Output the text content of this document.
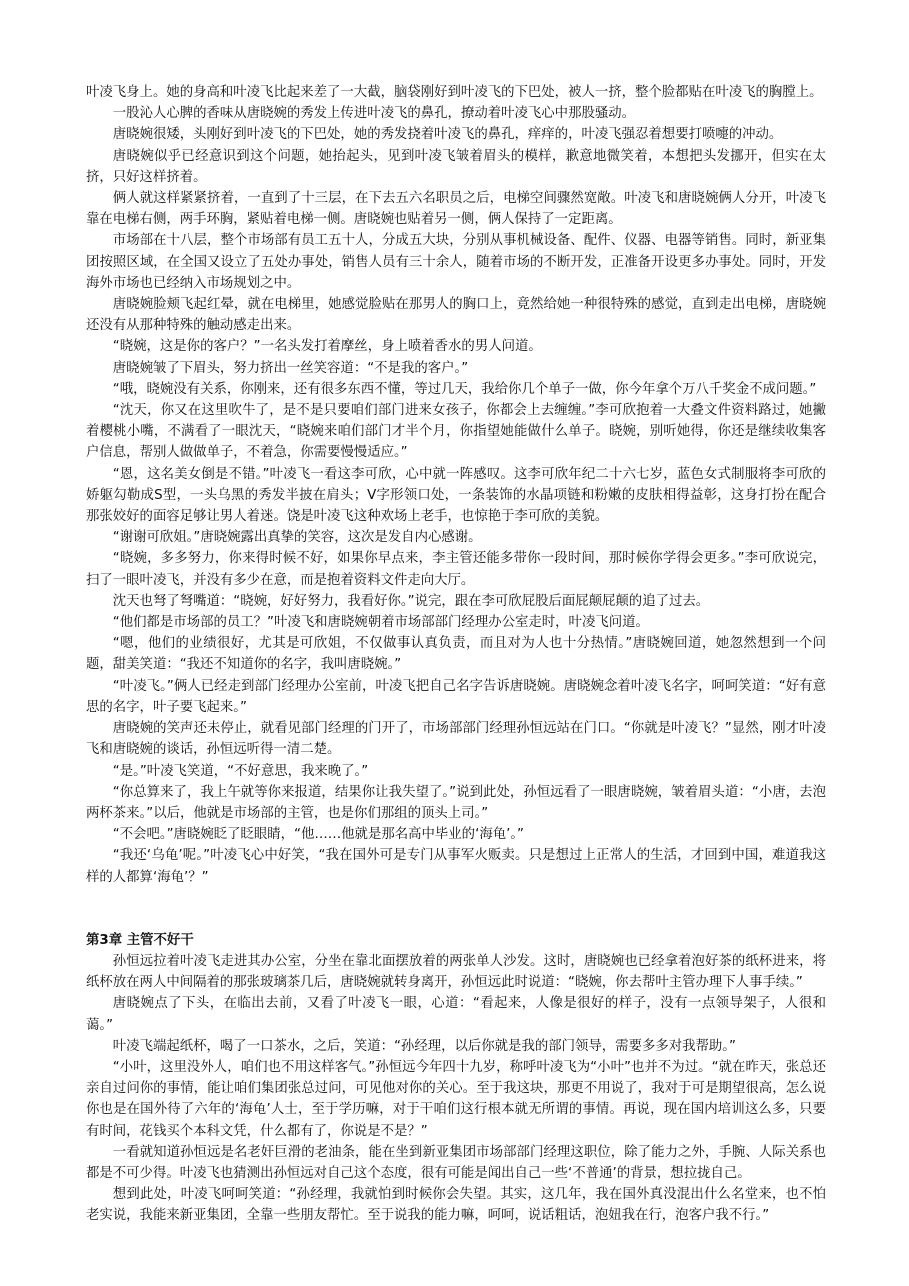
叶凌飞身上。她的身高和叶凌飞比起来差了一大截，脑袋刚好到叶凌飞的下巴处，被人一挤，整个脸都贴在叶凌飞的胸膛上。

一股沁人心脾的香味从唐晓婉的秀发上传进叶凌飞的鼻孔，撩动着叶凌飞心中那股骚动。

唐晓婉很矮，头刚好到叶凌飞的下巴处，她的秀发挠着叶凌飞的鼻孔，痒痒的，叶凌飞强忍着想要打喷嚏的冲动。

唐晓婉似乎已经意识到这个问题，她抬起头，见到叶凌飞皱着眉头的模样，歉意地微笑着，本想把头发挪开，但实在太挤，只好这样挤着。

俩人就这样紧紧挤着，一直到了十三层，在下去五六名职员之后，电梯空间骤然宽敞。叶凌飞和唐晓婉俩人分开，叶凌飞靠在电梯右侧，两手环胸，紧贴着电梯一侧。唐晓婉也贴着另一侧，俩人保持了一定距离。

市场部在十八层，整个市场部有员工五十人，分成五大块，分别从事机械设备、配件、仪器、电器等销售。同时，新亚集团按照区域，在全国又设立了五处办事处，销售人员有三十余人，随着市场的不断开发，正准备开设更多办事处。同时，开发海外市场也已经纳入市场规划之中。

唐晓婉脸颊飞起红晕，就在电梯里，她感觉脸贴在那男人的胸口上，竟然给她一种很特殊的感觉，直到走出电梯，唐晓婉还没有从那种特殊的触动感走出来。

“晓婉，这是你的客户？”一名头发打着摩丝，身上喷着香水的男人问道。

唐晓婉皱了下眉头，努力挤出一丝笑容道：“不是我的客户。”

“哦，晓婉没有关系，你刚来，还有很多东西不懂，等过几天，我给你几个单子一做，你今年拿个万八千奖金不成问题。”

“沈天，你又在这里吹牛了，是不是只要咱们部门进来女孩子，你都会上去缠缠。”李可欣抱着一大叠文件资料路过，她撇着樱桃小嘴，不满看了一眼沈天，“晓婉来咱们部门才半个月，你指望她能做什么单子。晓婉，别听她得，你还是继续收集客户信息，帮别人做做单子，不着急，你需要慢慢适应。”

“恩，这名美女倒是不错。”叶凌飞一看这李可欣，心中就一阵感叹。这李可欣年纪二十六七岁，蓝色女式制服将李可欣的娇躯勾勒成S型，一头乌黑的秀发半披在肩头；V字形领口处，一条装饰的水晶项链和粉嫩的皮肤相得益彰，这身打扮在配合那张姣好的面容足够让男人着迷。饶是叶凌飞这种欢场上老手，也惊艳于李可欣的美貌。

“谢谢可欣姐。”唐晓婉露出真挚的笑容，这次是发自内心感谢。

“晓婉，多多努力，你来得时候不好，如果你早点来，李主管还能多带你一段时间，那时候你学得会更多。”李可欣说完，扫了一眼叶凌飞，并没有多少在意，而是抱着资料文件走向大厅。

沈天也弩了弩嘴道：“晓婉，好好努力，我看好你。”说完，跟在李可欣屁股后面屁颠屁颠的追了过去。

“他们都是市场部的员工？”叶凌飞和唐晓婉朝着市场部部门经理办公室走时，叶凌飞问道。

“嗯，他们的业绩很好，尤其是可欣姐，不仅做事认真负责，而且对为人也十分热情。”唐晓婉回道，她忽然想到一个问题，甜美笑道：“我还不知道你的名字，我叫唐晓婉。”

“叶凌飞。”俩人已经走到部门经理办公室前，叶凌飞把自己名字告诉唐晓婉。唐晓婉念着叶凌飞名字，呵呵笑道：“好有意思的名字，叶子要飞起来。”

唐晓婉的笑声还未停止，就看见部门经理的门开了，市场部部门经理孙恒远站在门口。“你就是叶凌飞？”显然，刚才叶凌飞和唐晓婉的谈话，孙恒远听得一清二楚。

“是。”叶凌飞笑道，“不好意思，我来晚了。”

“你总算来了，我上午就等你来报道，结果你让我失望了。”说到此处，孙恒远看了一眼唐晓婉，皱着眉头道：“小唐，去泡两杯茶来。”以后，他就是市场部的主管，也是你们那组的顶头上司。”

“不会吧。”唐晓婉眨了眨眼睛，“他……他就是那名高中毕业的‘海龟’。”

“我还‘乌龟’呢。”叶凌飞心中好笑，“我在国外可是专门从事军火贩卖。只是想过上正常人的生活，才回到中国，难道我这样的人都算‘海龟’？”

第3章 主管不好干

孙恒远拉着叶凌飞走进其办公室，分坐在靠北面摆放着的两张单人沙发。这时，唐晓婉也已经拿着泡好茶的纸杯进来，将纸杯放在两人中间隔着的那张玻璃茶几后，唐晓婉就转身离开，孙恒远此时说道：“晓婉，你去帮叶主管办理下人事手续。”

唐晓婉点了下头，在临出去前，又看了叶凌飞一眼，心道：“看起来，人像是很好的样子，没有一点领导架子，人很和蔼。”

叶凌飞端起纸杯，喝了一口茶水，之后，笑道：“孙经理，以后你就是我的部门领导，需要多多对我帮助。”

“小叶，这里没外人，咱们也不用这样客气。”孙恒远今年四十九岁，称呼叶凌飞为“小叶”也并不为过。“就在昨天，张总还亲自过问你的事情，能让咱们集团张总过问，可见他对你的关心。至于我这块，那更不用说了，我对于可是期望很高，怎么说你也是在国外待了六年的‘海龟’人士，至于学历嘛，对于干咱们这行根本就无所谓的事情。再说，现在国内培训这么多，只要有时间，花钱买个本科文凭，什么都有了，你说是不是？”

一看就知道孙恒远是名老奸巨滑的老油条，能在坐到新亚集团市场部部门经理这职位，除了能力之外，手腕、人际关系也都是不可少得。叶凌飞也猜测出孙恒远对自己这个态度，很有可能是闻出自己一些‘不普通’的背景，想拉拢自己。

想到此处，叶凌飞呵呵笑道：“孙经理，我就怕到时候你会失望。其实，这几年，我在国外真没混出什么名堂来，也不怕老实说，我能来新亚集团，全靠一些朋友帮忙。至于说我的能力嘛，呵呵，说话粗话，泡妞我在行，泡客户我不行。”
